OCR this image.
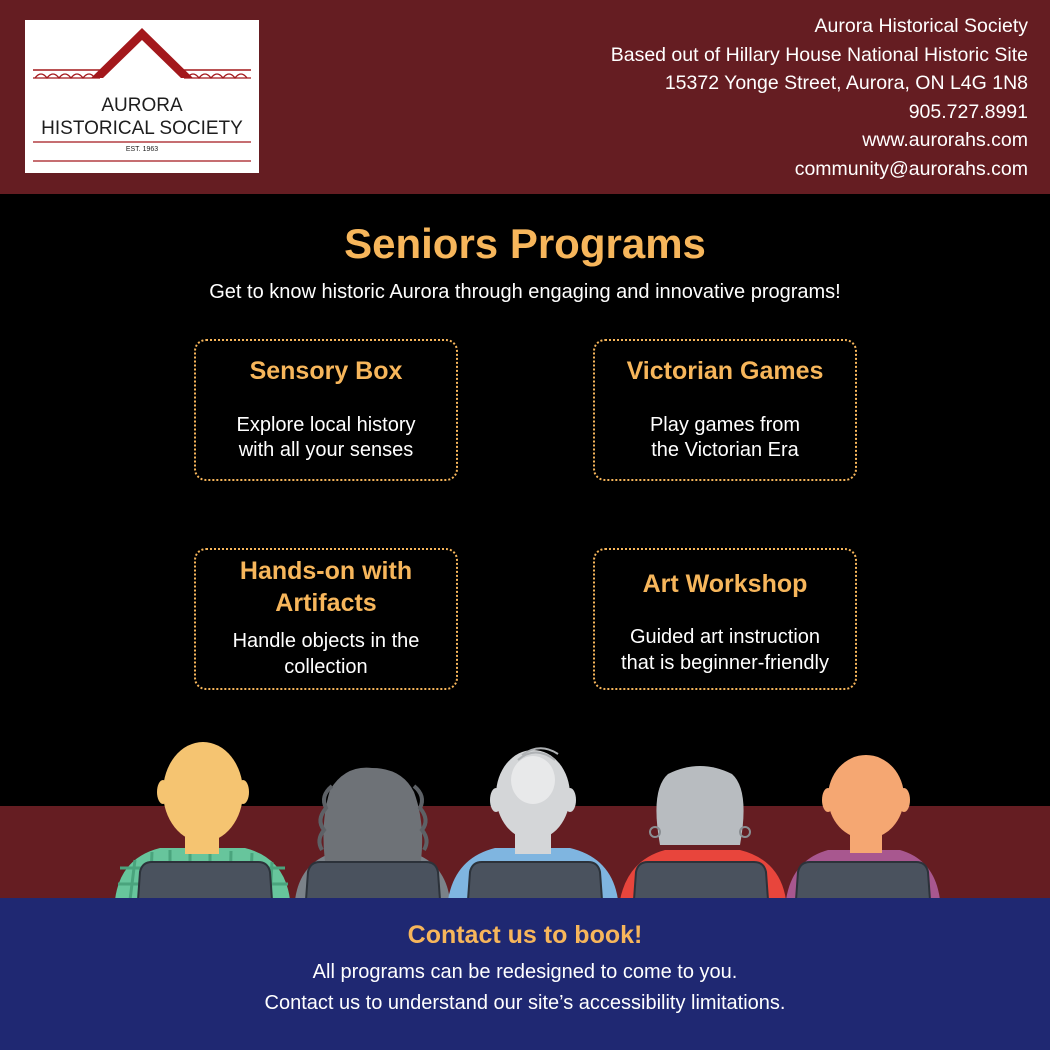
AURORA
HISTORICAL SOCIETY
EST. 1963
Aurora Historical Society
Based out of Hillary House National Historic Site
15372 Yonge Street, Aurora, ON L4G 1N8
905.727.8991
www.aurorahs.com
community@aurorahs.com
Seniors Programs
Get to know historic Aurora through engaging and innovative programs!
Sensory Box
Explore local history
with all your senses
Victorian Games
Play games from
the Victorian Era
Hands-on with
Artifacts
Handle objects in the
collection
Art Workshop
Guided art instruction
that is beginner-friendly
Contact us to book!
All programs can be redesigned to come to you.
Contact us to understand our site’s accessibility limitations.
